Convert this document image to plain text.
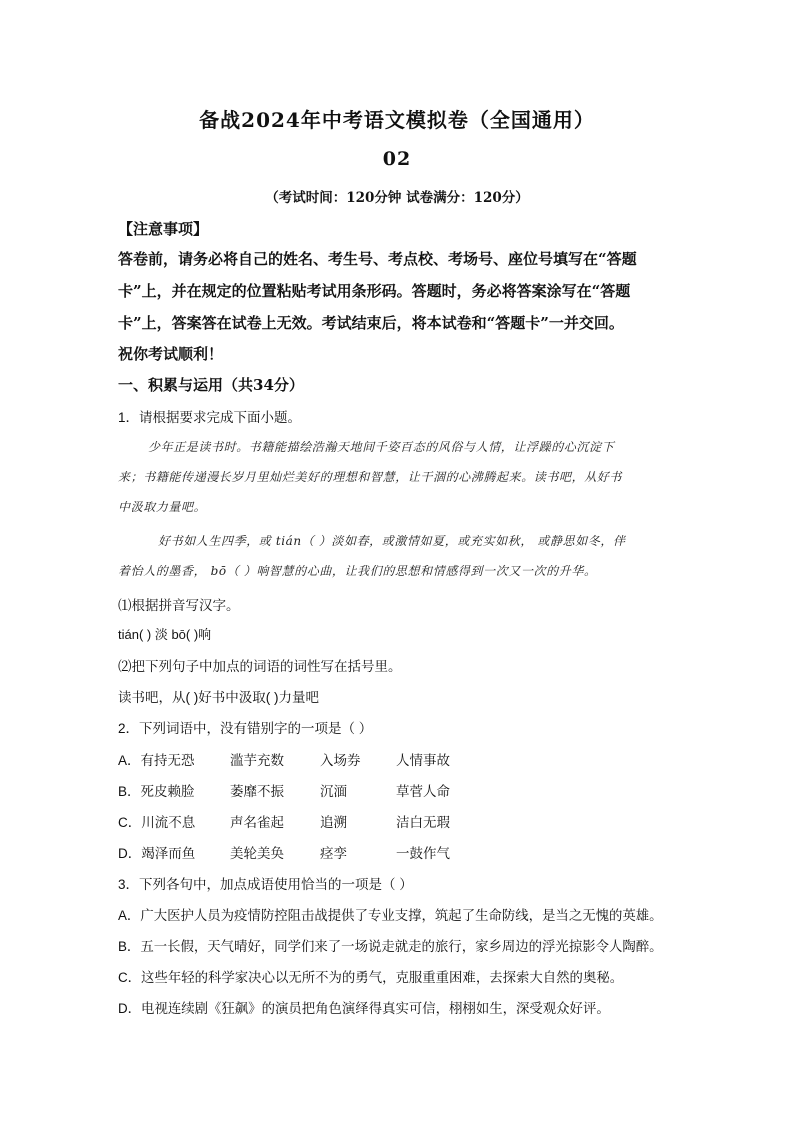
备战2024年中考语文模拟卷（全国通用）
02
（考试时间：120分钟 试卷满分：120分）
【注意事项】
答卷前，请务必将自己的姓名、考生号、考点校、考场号、座位号填写在“答题
卡”上，并在规定的位置粘贴考试用条形码。答题时，务必将答案涂写在“答题
卡”上，答案答在试卷上无效。考试结束后，将本试卷和“答题卡”一并交回。
祝你考试顺利！
一、积累与运用（共34分）
1．请根据要求完成下面小题。
少年正是读书时。书籍能描绘浩瀚天地间千姿百态的风俗与人情，让浮躁的心沉淀下
来；书籍能传递漫长岁月里灿烂美好的理想和智慧，让干涸的心沸腾起来。读书吧，从好书
中汲取力量吧。
好书如人生四季，或 tián（ ）淡如春，或激情如夏，或充实如秋， 或静思如冬，伴
着怡人的墨香， bō（ ）响智慧的心曲，让我们的思想和情感得到一次又一次的升华。
⑴根据拼音写汉字。
tián( ) 淡 bō( )响
⑵把下列句子中加点的词语的词性写在括号里。
读书吧，从( )好书中汲取( )力量吧
2．下列词语中，没有错别字的一项是（ ）
A．有持无恐	滥芋充数	入场券	人情事故
B．死皮赖脸	萎靡不振	沉湎	草菅人命
C．川流不息	声名雀起	追溯	洁白无瑕
D．竭泽而鱼	美轮美奂	痉孪	一鼓作气
3．下列各句中，加点成语使用恰当的一项是（ ）
A．广大医护人员为疫情防控阻击战提供了专业支撑，筑起了生命防线，是当之无愧的英雄。
B．五一长假，天气晴好，同学们来了一场说走就走的旅行，家乡周边的浮光掠影令人陶醉。
C．这些年轻的科学家决心以无所不为的勇气，克服重重困难，去探索大自然的奥秘。
D．电视连续剧《狂飙》的演员把角色演绎得真实可信，栩栩如生，深受观众好评。
